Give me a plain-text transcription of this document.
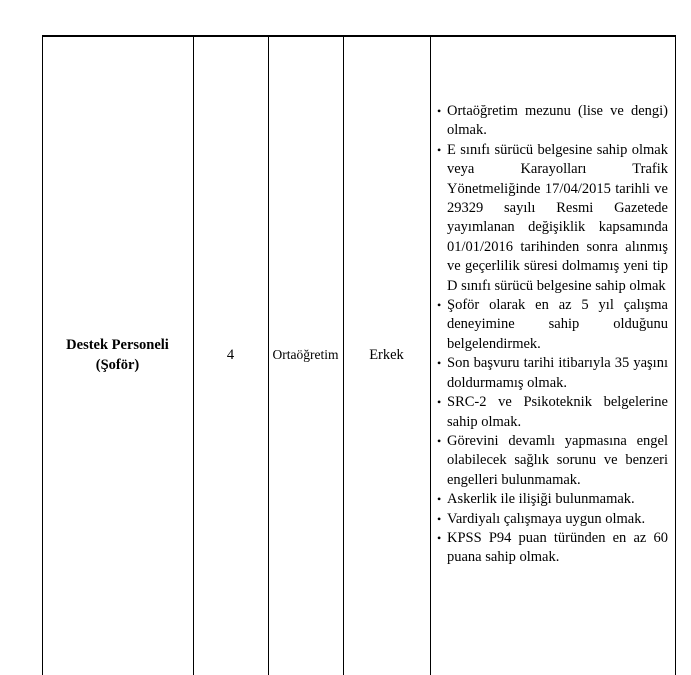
Destek Personeli
(Şoför)
4	Ortaöğretim Erkek
• Ortaöğretim mezunu (lise ve dengi) olmak.
• E sınıfı sürücü belgesine sahip olmak veya Karayolları Trafik Yönetmeliğinde 17/04/2015 tarihli ve 29329 sayılı Resmi Gazetede yayımlanan değişiklik kapsamında 01/01/2016 tarihinden sonra alınmış ve geçerlilik süresi dolmamış yeni tip D sınıfı sürücü belgesine sahip olmak
• Şoför olarak en az 5 yıl çalışma deneyimine sahip olduğunu belgelendirmek.
• Son başvuru tarihi itibarıyla 35 yaşını doldurmamış olmak.
• SRC-2 ve Psikoteknik belgelerine sahip olmak.
• Görevini devamlı yapmasına engel olabilecek sağlık sorunu ve benzeri engelleri bulunmamak.
• Askerlik ile ilişiği bulunmamak.
• Vardiyalı çalışmaya uygun olmak.
• KPSS P94 puan türünden en az 60 puana sahip olmak.
